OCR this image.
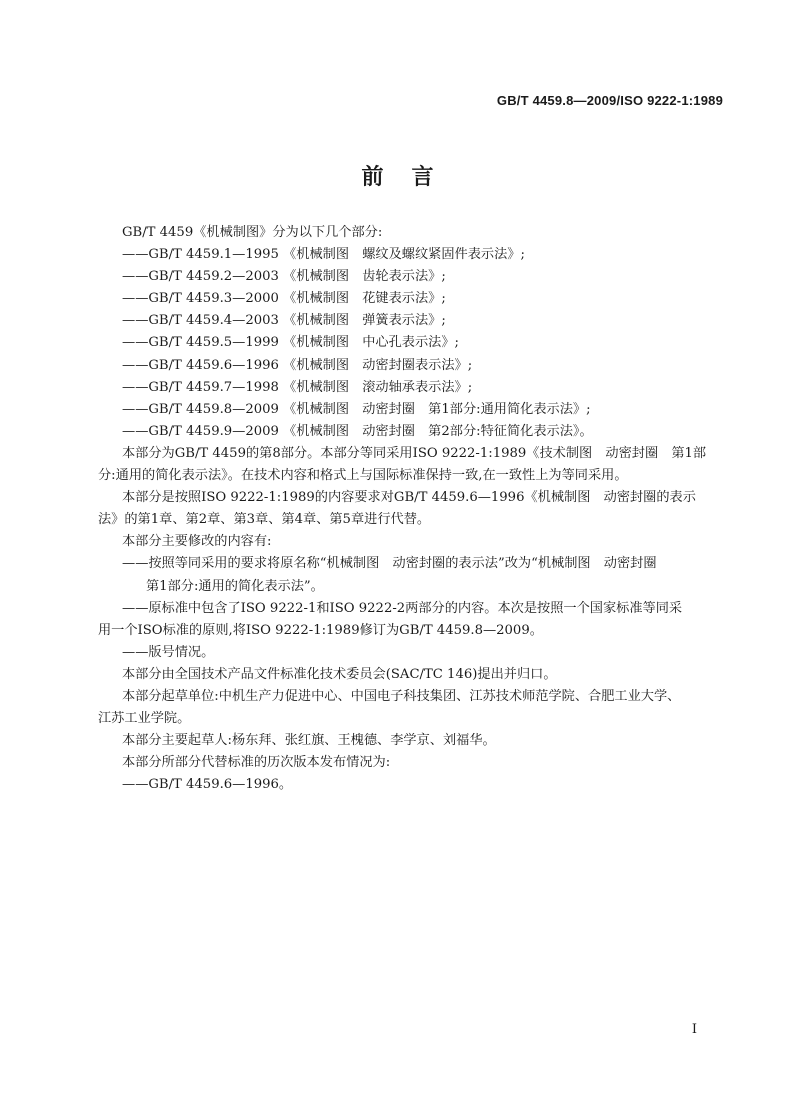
GB/T 4459.8—2009/ISO 9222-1:1989
前言

GB/T 4459《机械制图》分为以下几个部分:

——GB/T 4459.1—1995 《机械制图　螺纹及螺纹紧固件表示法》;

——GB/T 4459.2—2003 《机械制图　齿轮表示法》;

——GB/T 4459.3—2000 《机械制图　花键表示法》;

——GB/T 4459.4—2003 《机械制图　弹簧表示法》;

——GB/T 4459.5—1999 《机械制图　中心孔表示法》;

——GB/T 4459.6—1996 《机械制图　动密封圈表示法》;

——GB/T 4459.7—1998 《机械制图　滚动轴承表示法》;

——GB/T 4459.8—2009 《机械制图　动密封圈　第1部分:通用简化表示法》;

——GB/T 4459.9—2009 《机械制图　动密封圈　第2部分:特征简化表示法》。

本部分为GB/T 4459的第8部分。本部分等同采用ISO 9222-1:1989《技术制图　动密封圈　第1部

分:通用的简化表示法》。在技术内容和格式上与国际标准保持一致,在一致性上为等同采用。

本部分是按照ISO 9222-1:1989的内容要求对GB/T 4459.6—1996《机械制图　动密封圈的表示

法》的第1章、第2章、第3章、第4章、第5章进行代替。

本部分主要修改的内容有:

——按照等同采用的要求将原名称“机械制图　动密封圈的表示法”改为“机械制图　动密封圈

第1部分:通用的简化表示法”。

——原标准中包含了ISO 9222-1和ISO 9222-2两部分的内容。本次是按照一个国家标准等同采

用一个ISO标准的原则,将ISO 9222-1:1989修订为GB/T 4459.8—2009。

——版号情况。

本部分由全国技术产品文件标准化技术委员会(SAC/TC 146)提出并归口。

本部分起草单位:中机生产力促进中心、中国电子科技集团、江苏技术师范学院、合肥工业大学、

江苏工业学院。

本部分主要起草人:杨东拜、张红旗、王槐德、李学京、刘福华。

本部分所部分代替标准的历次版本发布情况为:

——GB/T 4459.6—1996。

I
